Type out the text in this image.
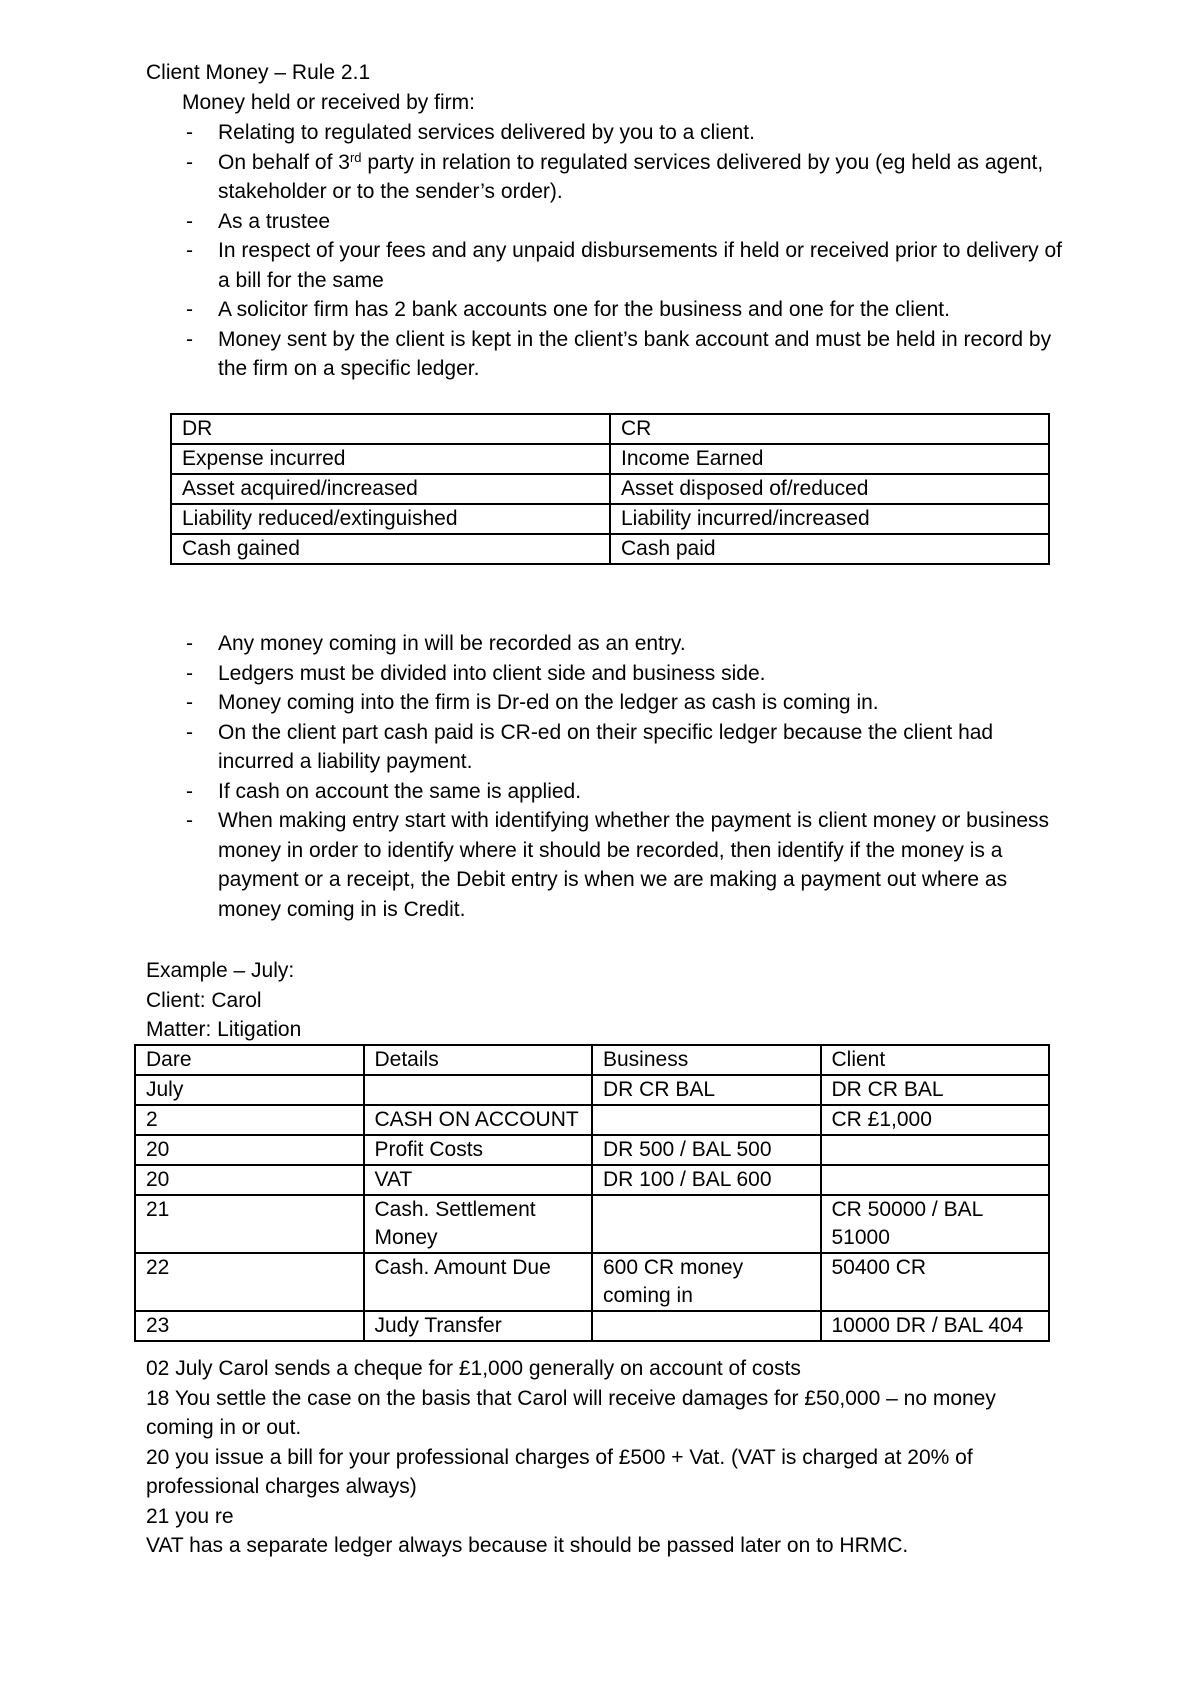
Client Money – Rule 2.1
Money held or received by firm:
- Relating to regulated services delivered by you to a client.
- On behalf of 3rd party in relation to regulated services delivered by you (eg held as agent, stakeholder or to the sender’s order).
- As a trustee
- In respect of your fees and any unpaid disbursements if held or received prior to delivery of a bill for the same
- A solicitor firm has 2 bank accounts one for the business and one for the client.
- Money sent by the client is kept in the client’s bank account and must be held in record by the firm on a specific ledger.
DR	CR
Expense incurred	Income Earned
Asset acquired/increased	Asset disposed of/reduced
Liability reduced/extinguished	Liability incurred/increased
Cash gained	Cash paid
- Any money coming in will be recorded as an entry.
- Ledgers must be divided into client side and business side.
- Money coming into the firm is Dr-ed on the ledger as cash is coming in.
- On the client part cash paid is CR-ed on their specific ledger because the client had incurred a liability payment.
- If cash on account the same is applied.
- When making entry start with identifying whether the payment is client money or business money in order to identify where it should be recorded, then identify if the money is a payment or a receipt, the Debit entry is when we are making a payment out where as money coming in is Credit.
Example – July:
Client: Carol
Matter: Litigation
Dare	Details	Business	Client
July		DR CR BAL	DR CR BAL
2	CASH ON ACCOUNT		CR £1,000
20	Profit Costs	DR 500 / BAL 500	
20	VAT	DR 100 / BAL 600	
21	Cash. Settlement Money		CR 50000 / BAL 51000
22	Cash. Amount Due	600 CR money coming in	50400 CR
23	Judy Transfer		10000 DR / BAL 404
02 July Carol sends a cheque for £1,000 generally on account of costs
18 You settle the case on the basis that Carol will receive damages for £50,000 – no money coming in or out.
20 you issue a bill for your professional charges of £500 + Vat. (VAT is charged at 20% of professional charges always)
21 you re
VAT has a separate ledger always because it should be passed later on to HRMC.
